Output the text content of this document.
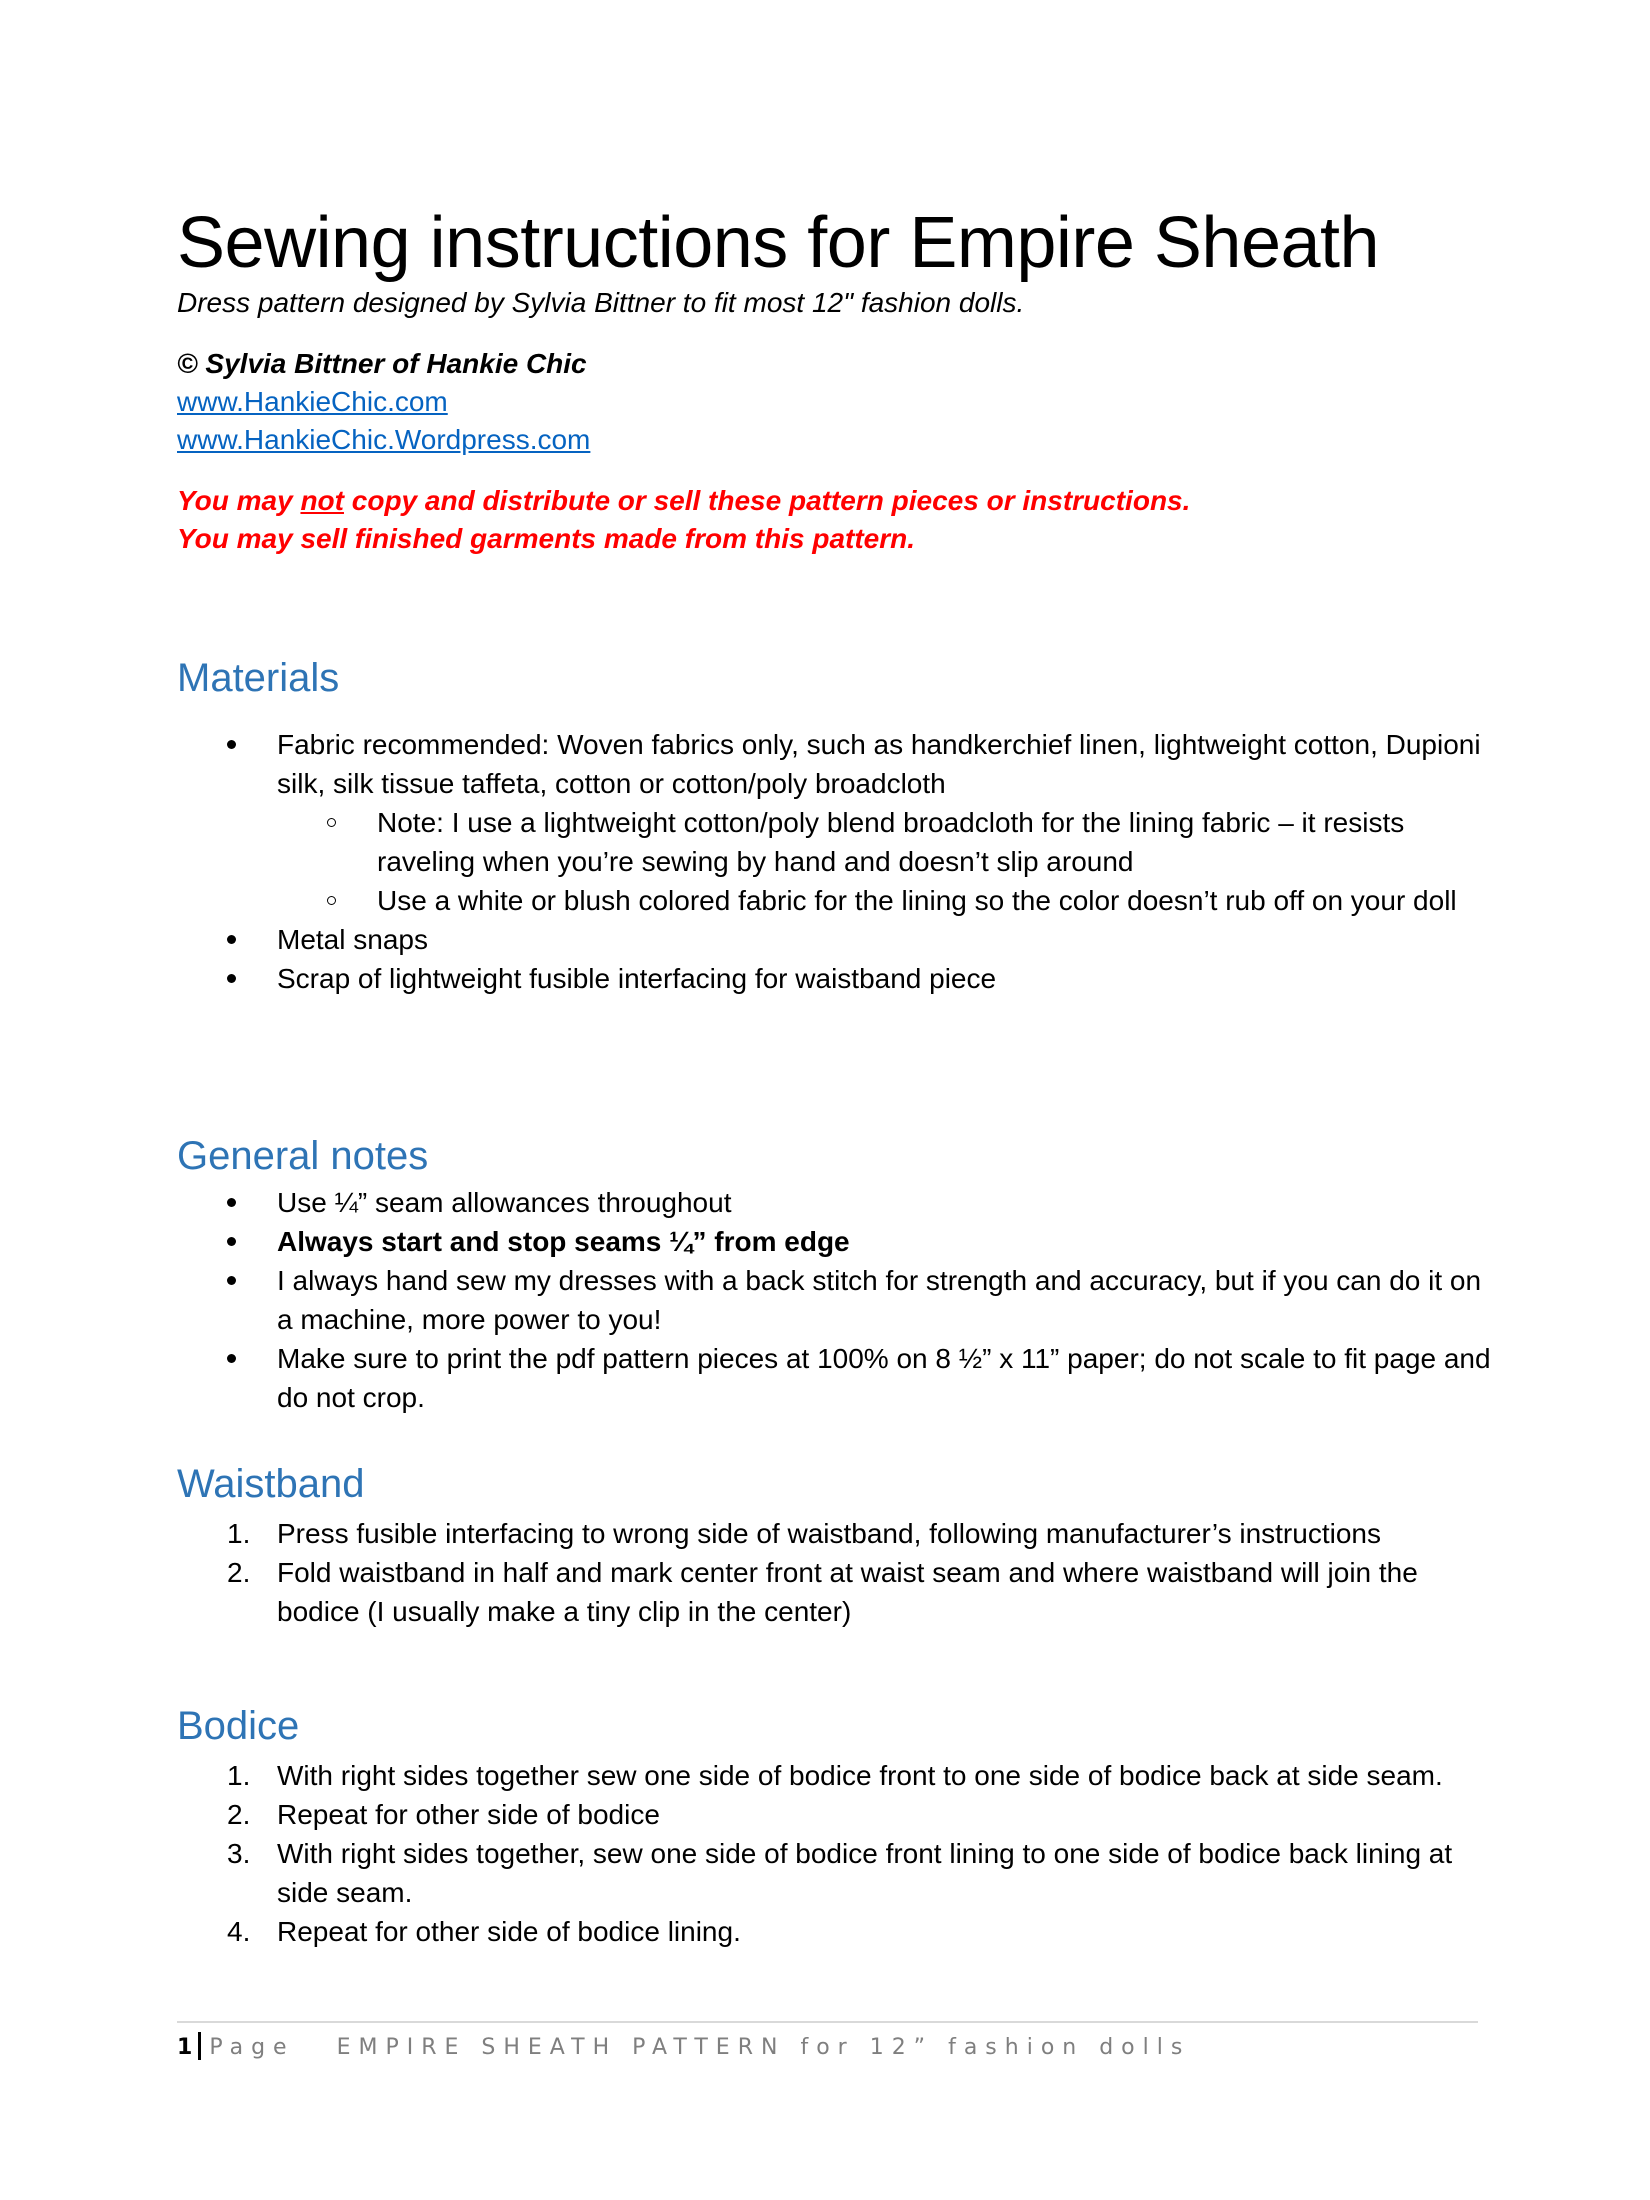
Sewing instructions for Empire Sheath
Dress pattern designed by Sylvia Bittner to fit most 12" fashion dolls.
© Sylvia Bittner of Hankie Chic
www.HankieChic.com
www.HankieChic.Wordpress.com
You may not copy and distribute or sell these pattern pieces or instructions.
You may sell finished garments made from this pattern.
Materials
Fabric recommended: Woven fabrics only, such as handkerchief linen, lightweight cotton, Dupioni silk, silk tissue taffeta, cotton or cotton/poly broadcloth
Note: I use a lightweight cotton/poly blend broadcloth for the lining fabric – it resists raveling when you’re sewing by hand and doesn’t slip around
Use a white or blush colored fabric for the lining so the color doesn’t rub off on your doll
Metal snaps
Scrap of lightweight fusible interfacing for waistband piece
General notes
Use ¼” seam allowances throughout
Always start and stop seams ¼” from edge
I always hand sew my dresses with a back stitch for strength and accuracy, but if you can do it on a machine, more power to you!
Make sure to print the pdf pattern pieces at 100% on 8 ½” x 11” paper; do not scale to fit page and do not crop.
Waistband
1. Press fusible interfacing to wrong side of waistband, following manufacturer’s instructions
2. Fold waistband in half and mark center front at waist seam and where waistband will join the bodice (I usually make a tiny clip in the center)
Bodice
1. With right sides together sew one side of bodice front to one side of bodice back at side seam.
2. Repeat for other side of bodice
3. With right sides together, sew one side of bodice front lining to one side of bodice back lining at side seam.
4. Repeat for other side of bodice lining.
1 Page EMPIRE SHEATH PATTERN for 12” fashion dolls
